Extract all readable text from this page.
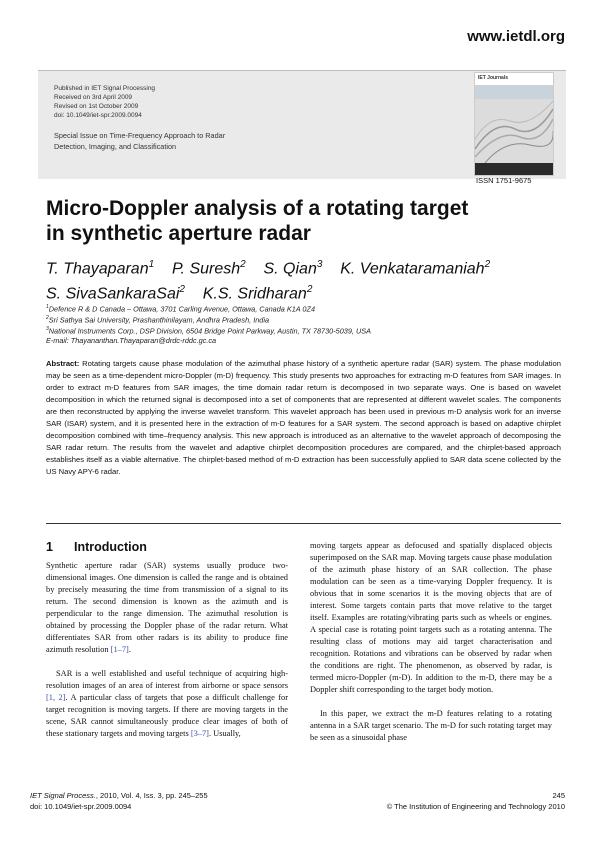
www.ietdl.org
Published in IET Signal Processing
Received on 3rd April 2009
Revised on 1st October 2009
doi: 10.1049/iet-spr.2009.0094
Special Issue on Time-Frequency Approach to Radar
Detection, Imaging, and Classification
IET Journals
ISSN 1751-9675
Micro-Doppler analysis of a rotating target
in synthetic aperture radar
T. Thayaparan$^1$ P. Suresh$^2$ S. Qian$^3$ K. Venkataramaniah$^2$
S. SivaSankaraSai$^2$ K.S. Sridharan$^2$
$^1$Defence R & D Canada – Ottawa, 3701 Carling Avenue, Ottawa, Canada K1A 0Z4
$^2$Sri Sathya Sai University, Prashanthinilayam, Andhra Pradesh, India
$^3$National Instruments Corp., DSP Division, 6504 Bridge Point Parkway, Austin, TX 78730-5039, USA
E-mail: Thayananthan.Thayaparan@drdc-rddc.gc.ca
Abstract: Rotating targets cause phase modulation of the azimuthal phase history of a synthetic aperture radar (SAR) system. The phase modulation may be seen as a time-dependent micro-Doppler (m-D) frequency. This study presents two approaches for extracting m-D features from SAR images. In order to extract m-D features from SAR images, the time domain radar return is decomposed in two separate ways. One is based on wavelet decomposition in which the returned signal is decomposed into a set of components that are represented at different wavelet scales. The components are then reconstructed by applying the inverse wavelet transform. This wavelet approach has been used in previous m-D analysis work for an inverse SAR (ISAR) system, and it is presented here in the extraction of m-D features for a SAR system. The second approach is based on adaptive chirplet decomposition combined with time–frequency analysis. This new approach is introduced as an alternative to the wavelet approach of decomposing the SAR radar return. The results from the wavelet and adaptive chirplet decomposition procedures are compared, and the chirplet-based approach establishes itself as a viable alternative. The chirplet-based method of m-D extraction has been successfully applied to SAR data scene collected by the US Navy APY-6 radar.
1 Introduction

Synthetic aperture radar (SAR) systems usually produce two-dimensional images. One dimension is called the range and is obtained by precisely measuring the time from transmission of a signal to its return. The second dimension is known as the azimuth and is perpendicular to the range dimension. The azimuthal resolution is obtained by processing the Doppler phase of the radar return. What differentiates SAR from other radars is its ability to produce fine azimuth resolution [1–7].

SAR is a well established and useful technique of acquiring high-resolution images of an area of interest from airborne or space sensors [1, 2]. A particular class of targets that pose a difficult challenge for target recognition is moving targets. If there are moving targets in the scene, SAR cannot simultaneously produce clear images of both of these stationary targets and moving targets [3–7]. Usually,

moving targets appear as defocused and spatially displaced objects superimposed on the SAR map. Moving targets cause phase modulation of the azimuth phase history of an SAR collection. The phase modulation can be seen as a time-varying Doppler frequency. It is obvious that in some scenarios it is the moving objects that are of interest. Some targets contain parts that move relative to the target itself. Examples are rotating/vibrating parts such as wheels or engines. A special case is rotating point targets such as a rotating antenna. The resulting class of motions may aid target characterisation and recognition. Rotations and vibrations can be observed by radar when the conditions are right. The phenomenon, as observed by radar, is termed micro-Doppler (m-D). In addition to the m-D, there may be a Doppler shift corresponding to the target body motion.

In this paper, we extract the m-D features relating to a rotating antenna in a SAR target scenario. The m-D for such rotating target may be seen as a sinusoidal phase

IET Signal Process., 2010, Vol. 4, Iss. 3, pp. 245–255
doi: 10.1049/iet-spr.2009.0094
245
© The Institution of Engineering and Technology 2010
